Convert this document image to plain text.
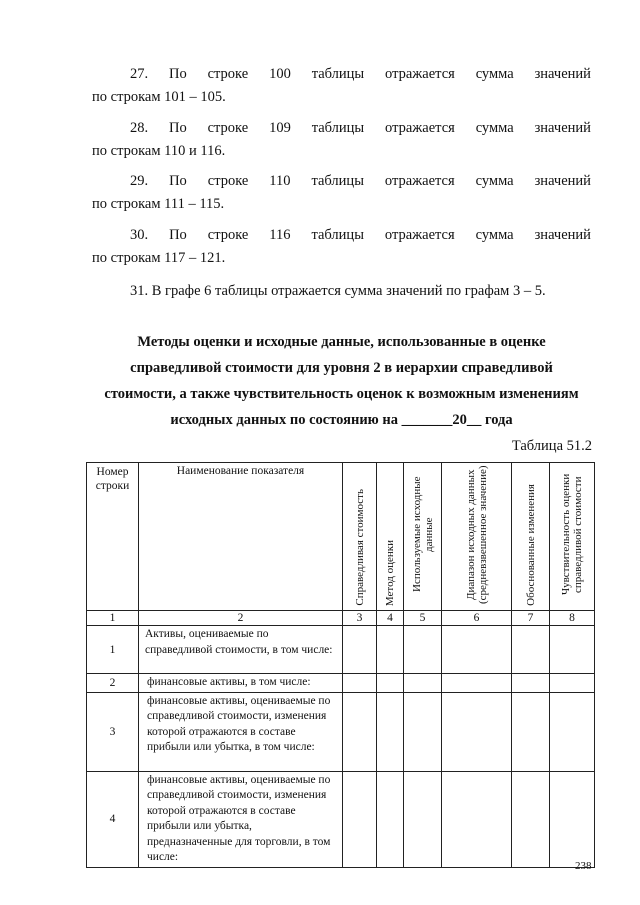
27. По строке 100 таблицы отражается сумма значений
по строкам 101 – 105.
28. По строке 109 таблицы отражается сумма значений
по строкам 110 и 116.
29. По строке 110 таблицы отражается сумма значений
по строкам 111 – 115.
30. По строке 116 таблицы отражается сумма значений
по строкам 117 – 121.
31. В графе 6 таблицы отражается сумма значений по графам 3 – 5.
Методы оценки и исходные данные, использованные в оценке
справедливой стоимости для уровня 2 в иерархии справедливой
стоимости, а также чувствительность оценок к возможным изменениям
исходных данных по состоянию на _______20__ года
Таблица 51.2
Номер строки	Наименование показателя	Справедливая стоимость	Метод оценки	Используемые исходные данные	Диапазон исходных данных (средневзвешенное значение)	Обоснованные изменения	Чувствительность оценки справедливой стоимости

1	2	3	4	5	6	7	8
1	Активы, оцениваемые по справедливой стоимости, в том числе:						
2	финансовые активы, в том числе:						
3	финансовые активы, оцениваемые по справедливой стоимости, изменения которой отражаются в составе прибыли или убытка, в том числе:						
4	финансовые активы, оцениваемые по справедливой стоимости, изменения которой отражаются в составе прибыли или убытка, предназначенные для торговли, в том числе:						
238
